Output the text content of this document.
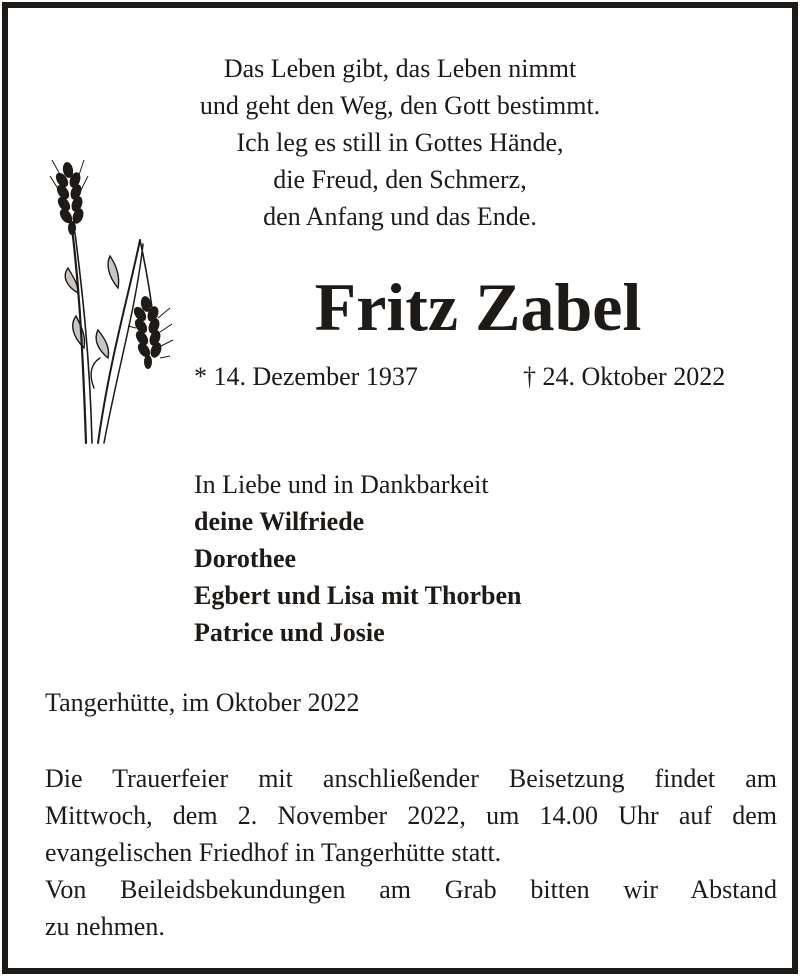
Das Leben gibt, das Leben nimmt
und geht den Weg, den Gott bestimmt.
Ich leg es still in Gottes Hände,
die Freud, den Schmerz,
den Anfang und das Ende.
Fritz Zabel
* 14. Dezember 1937	† 24. Oktober 2022
In Liebe und in Dankbarkeit
deine Wilfriede
Dorothee
Egbert und Lisa mit Thorben
Patrice und Josie
Tangerhütte, im Oktober 2022
Die Trauerfeier mit anschließender Beisetzung findet am
Mittwoch, dem 2. November 2022, um 14.00 Uhr auf dem
evangelischen Friedhof in Tangerhütte statt.
Von Beileidsbekundungen am Grab bitten wir Abstand
zu nehmen.
